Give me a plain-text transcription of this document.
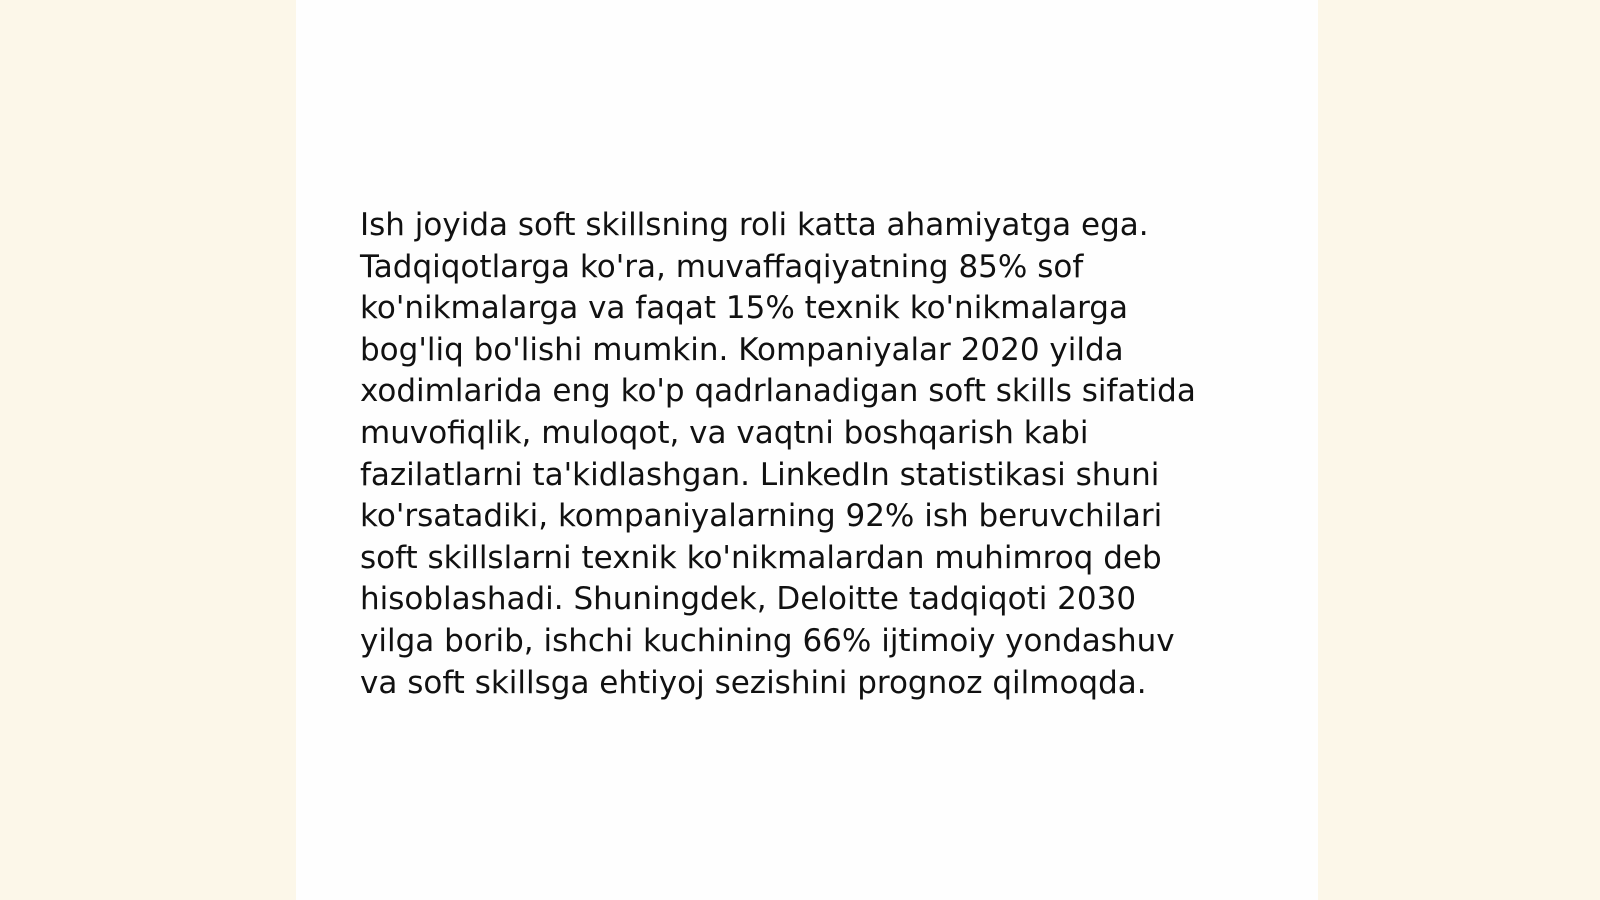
Ish joyida soft skillsning roli katta ahamiyatga ega.
Tadqiqotlarga ko'ra, muvaffaqiyatning 85% sof
ko'nikmalarga va faqat 15% texnik ko'nikmalarga
bog'liq bo'lishi mumkin. Kompaniyalar 2020 yilda
xodimlarida eng ko'p qadrlanadigan soft skills sifatida
muvofiqlik, muloqot, va vaqtni boshqarish kabi
fazilatlarni ta'kidlashgan. LinkedIn statistikasi shuni
ko'rsatadiki, kompaniyalarning 92% ish beruvchilari
soft skillslarni texnik ko'nikmalardan muhimroq deb
hisoblashadi. Shuningdek, Deloitte tadqiqoti 2030
yilga borib, ishchi kuchining 66% ijtimoiy yondashuv
va soft skillsga ehtiyoj sezishini prognoz qilmoqda.
